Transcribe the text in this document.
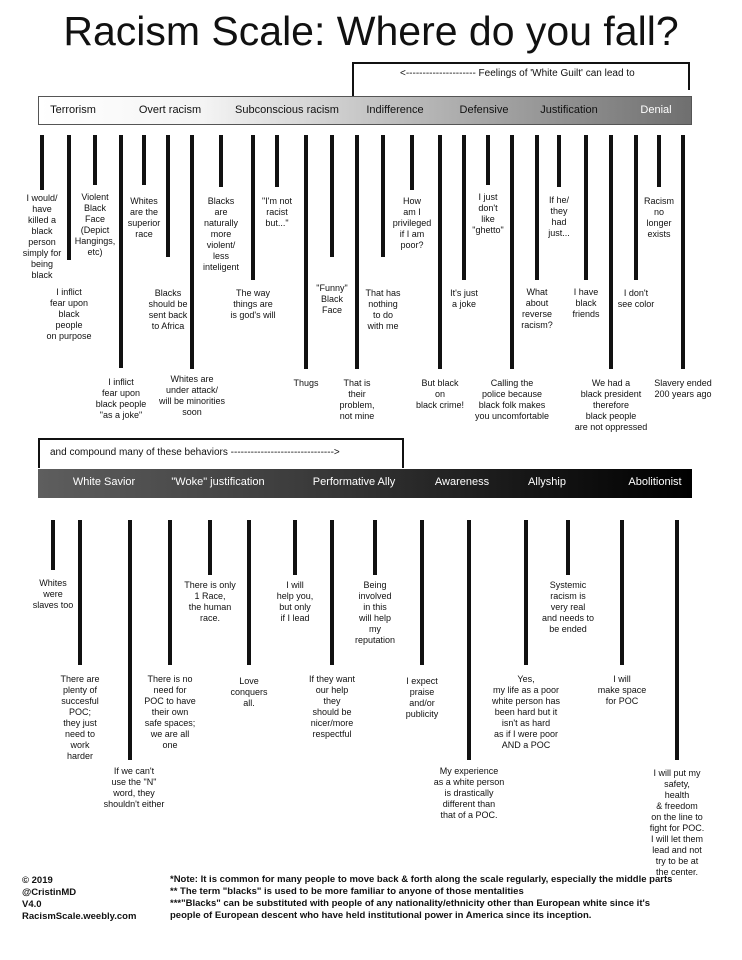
Racism Scale: Where do you fall?
<--------------------- Feelings of 'White Guilt' can lead to
Terrorism	Overt racism	Subconscious racism Indifference	Defensive	Justification	Denial
I would/
have
killed a
black
person
simply for
being
black
I inflict
fear upon
black
people
on purpose
Violent
Black
Face
(Depict
Hangings,
etc)
I inflict
fear upon
black people
"as a joke"
Whites
are the
superior
race
Blacks
should be
sent back
to Africa
Whites are
under attack/
will be minorities
soon
Blacks
are
naturally
more
violent/
less
inteligent
The way
things are
is god's will
"I'm not
racist
but..."
Thugs
"Funny"
Black
Face
That is
their
problem,
not mine
That has
nothing
to do
with me
How
am I
privileged
if I am
poor?
But black
on
black crime!
It's just
a joke
I just
don't
like
"ghetto"
Calling the
police because
black folk makes
you uncomfortable
What
about
reverse
racism?
If he/
they
had
just...
I have
black
friends
We had a
black president
therefore
black people
are not oppressed
I don't
see color
Racism
no
longer
exists
Slavery ended
200 years ago
and compound many of these behaviors ------------------------------->
White Savior	"Woke" justification	Performative Ally	Awareness	Allyship	Abolitionist
Whites
were
slaves too
There are
plenty of
succesful
POC;
they just
need to
work
harder
If we can't
use the "N"
word, they
shouldn't either
There is no
need for
POC to have
their own
safe spaces;
we are all
one
There is only
1 Race,
the human
race.
Love
conquers
all.
I will
help you,
but only
if I lead
If they want
our help
they
should be
nicer/more
respectful
Being
involved
in this
will help
my
reputation
I expect
praise
and/or
publicity
My experience
as a white person
is drastically
different than
that of a POC.
Yes,
my life as a poor
white person has
been hard but it
isn't as hard
as if I were poor
AND a POC
Systemic
racism is
very real
and needs to
be ended
I will
make space
for POC
I will put my
safety,
health
& freedom
on the line to
fight for POC.
I will let them
lead and not
try to be at
the center.
© 2019
@CristinMD
V4.0
RacismScale.weebly.com
*Note: It is common for many people to move back & forth along the scale regularly, especially the middle parts
** The term "blacks" is used to be more familiar to anyone of those mentalities
***"Blacks" can be substituted with people of any nationality/ethnicity other than European white since it's
people of European descent who have held institutional power in America since its inception.
